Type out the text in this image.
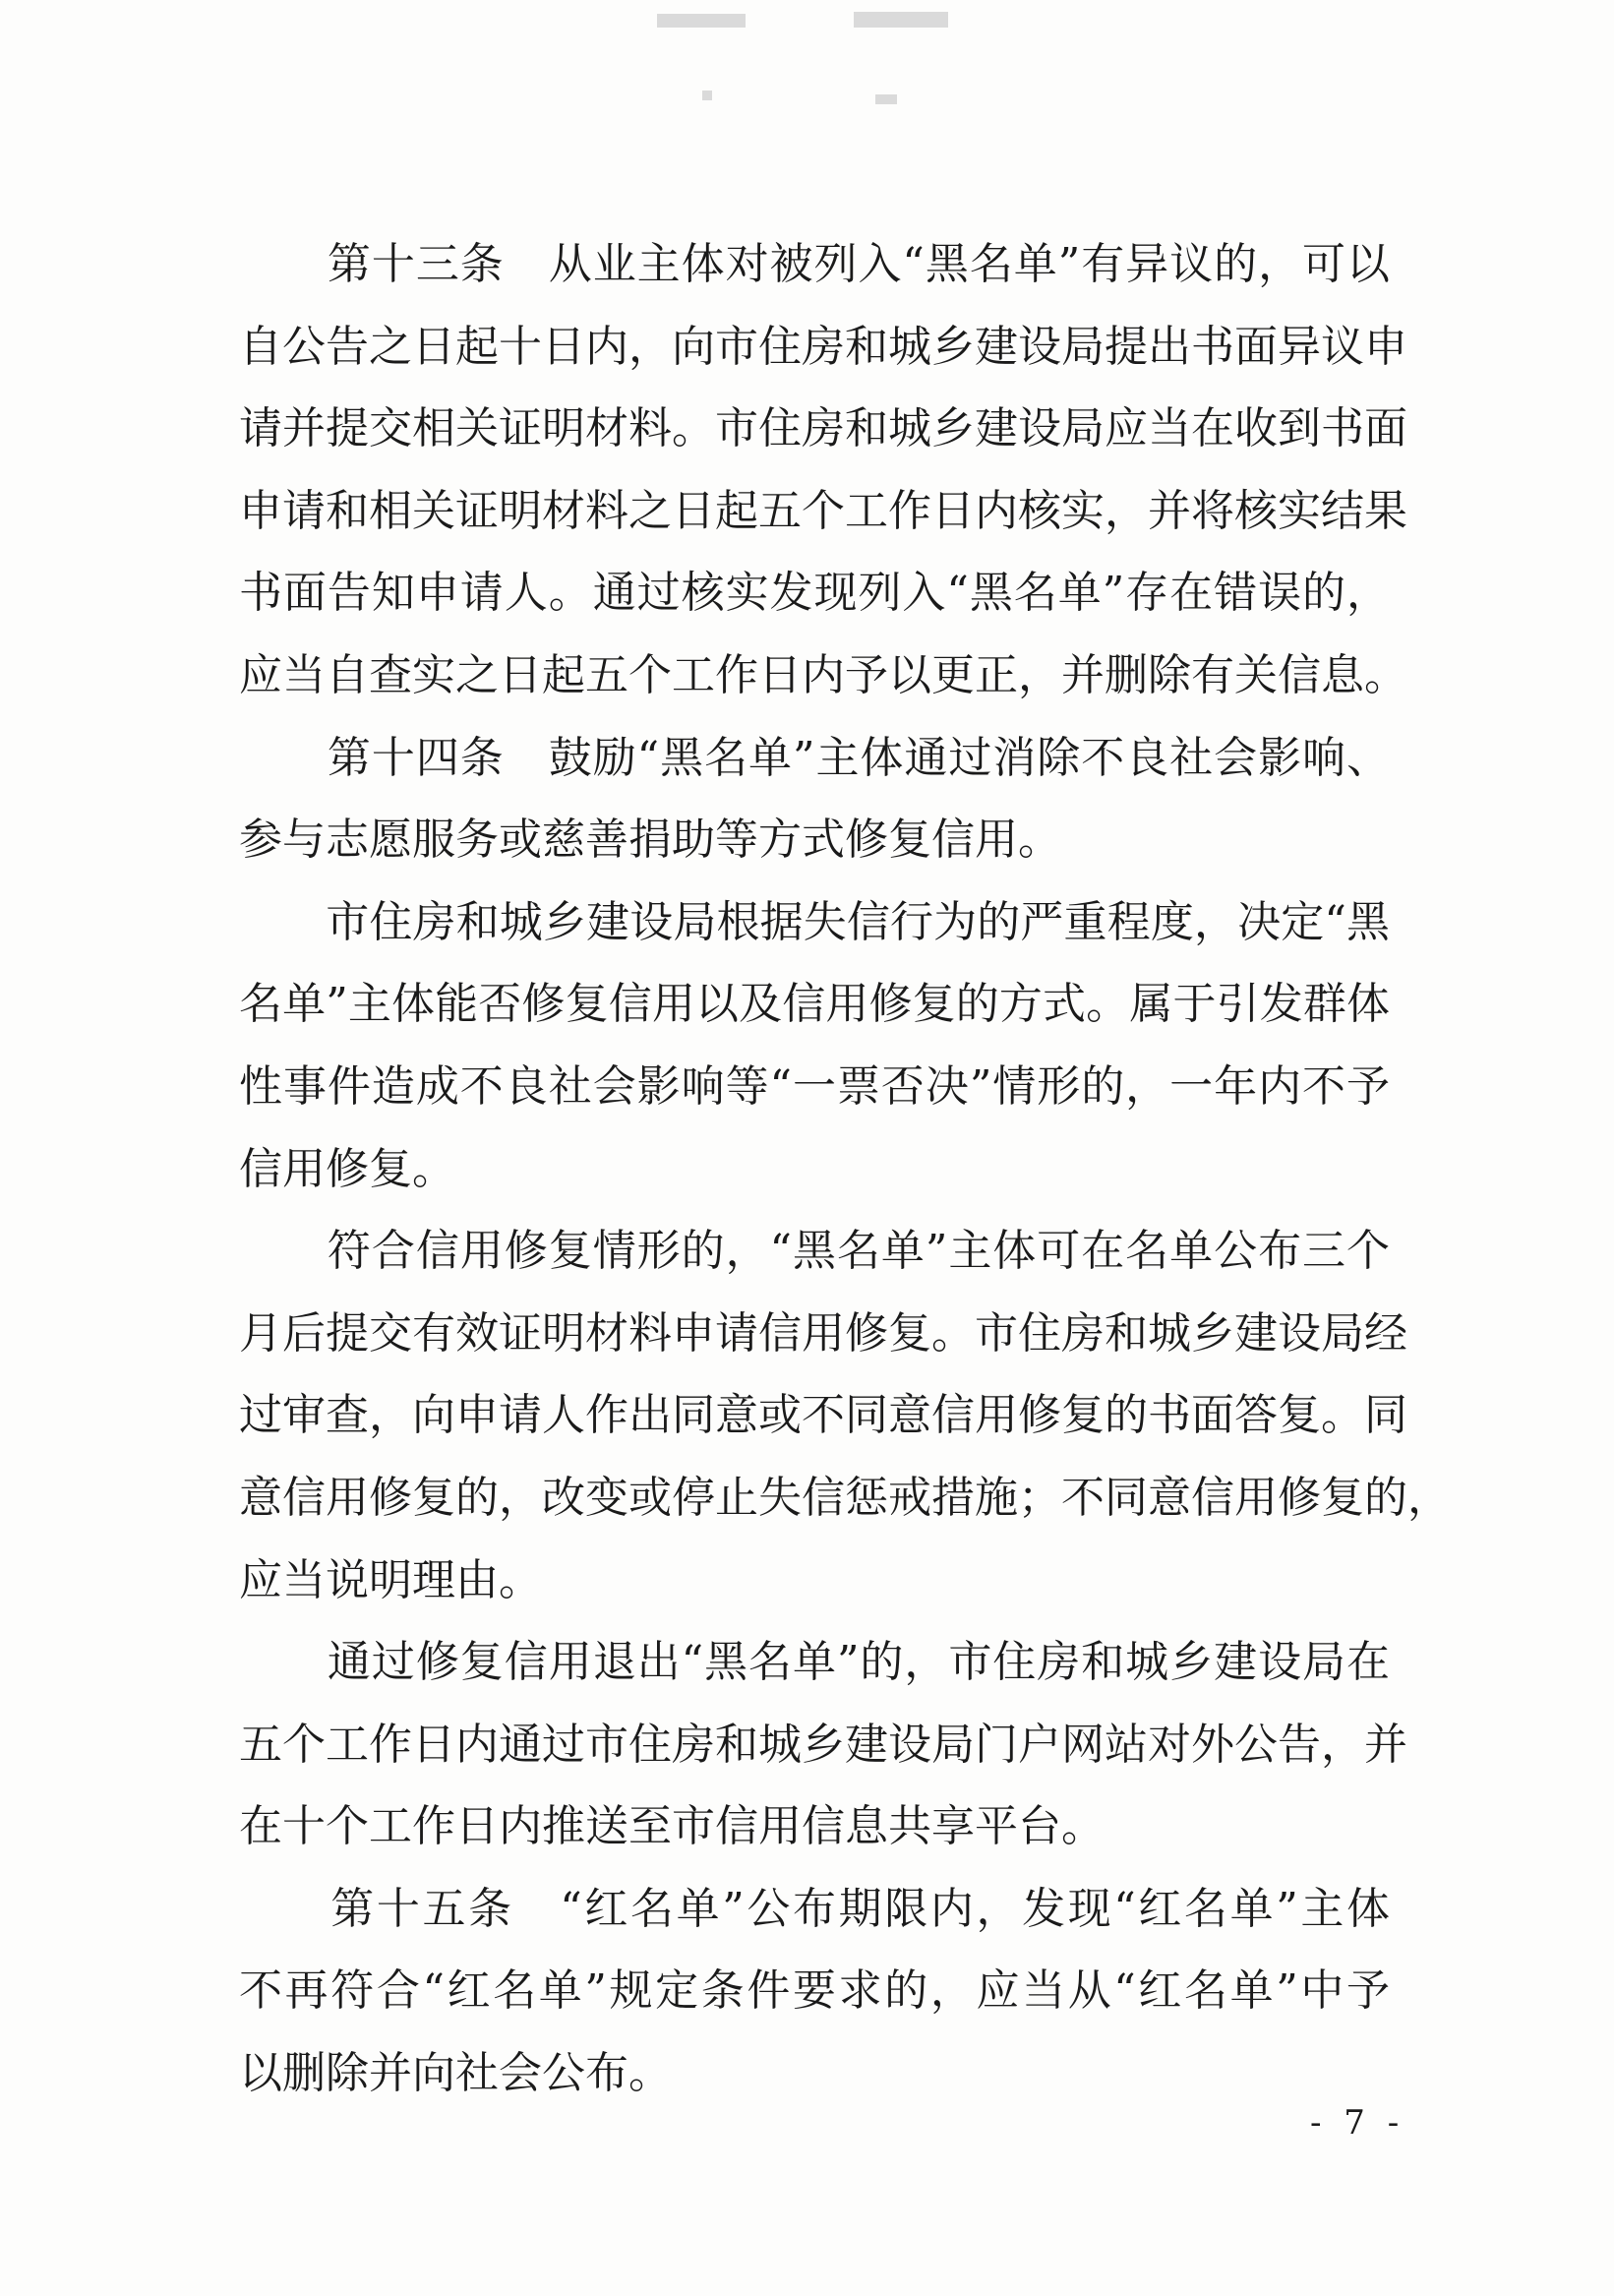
　　第十三条　从业主体对被列入“黑名单”有异议的，可以
自公告之日起十日内，向市住房和城乡建设局提出书面异议申
请并提交相关证明材料。市住房和城乡建设局应当在收到书面
申请和相关证明材料之日起五个工作日内核实，并将核实结果
书面告知申请人。通过核实发现列入“黑名单”存在错误的，
应当自查实之日起五个工作日内予以更正，并删除有关信息。
　　第十四条　鼓励“黑名单”主体通过消除不良社会影响、
参与志愿服务或慈善捐助等方式修复信用。
　　市住房和城乡建设局根据失信行为的严重程度，决定“黑
名单”主体能否修复信用以及信用修复的方式。属于引发群体
性事件造成不良社会影响等“一票否决”情形的，一年内不予
信用修复。
　　符合信用修复情形的，“黑名单”主体可在名单公布三个
月后提交有效证明材料申请信用修复。市住房和城乡建设局经
过审查，向申请人作出同意或不同意信用修复的书面答复。同
意信用修复的，改变或停止失信惩戒措施；不同意信用修复的，
应当说明理由。
　　通过修复信用退出“黑名单”的，市住房和城乡建设局在
五个工作日内通过市住房和城乡建设局门户网站对外公告，并
在十个工作日内推送至市信用信息共享平台。
　　第十五条　“红名单”公布期限内，发现“红名单”主体
不再符合“红名单”规定条件要求的，应当从“红名单”中予
以删除并向社会公布。
- 7 -
